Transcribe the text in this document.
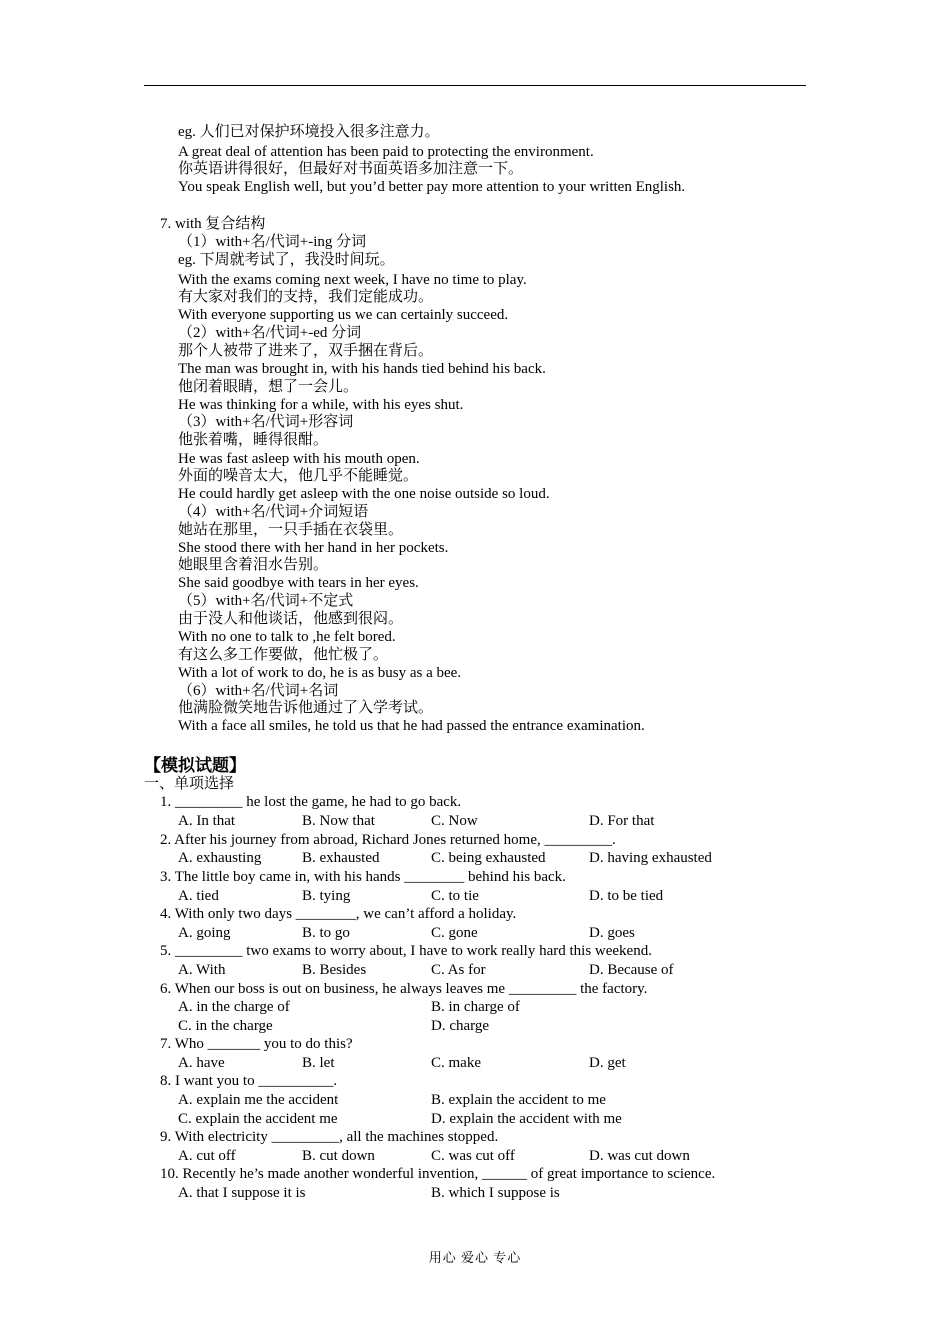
eg. 人们已对保护环境投入很多注意力。
A great deal of attention has been paid to protecting the environment.
你英语讲得很好，但最好对书面英语多加注意一下。
You speak English well, but you’d better pay more attention to your written English.
7. with 复合结构
（1）with+名/代词+-ing 分词
eg. 下周就考试了，我没时间玩。
With the exams coming next week, I have no time to play.
有大家对我们的支持，我们定能成功。
With everyone supporting us we can certainly succeed.
（2）with+名/代词+-ed 分词
那个人被带了进来了，双手捆在背后。
The man was brought in, with his hands tied behind his back.
他闭着眼睛，想了一会儿。
He was thinking for a while, with his eyes shut.
（3）with+名/代词+形容词
他张着嘴，睡得很酣。
He was fast asleep with his mouth open.
外面的噪音太大，他几乎不能睡觉。
He could hardly get asleep with the one noise outside so loud.
（4）with+名/代词+介词短语
她站在那里，一只手插在衣袋里。
She stood there with her hand in her pockets.
她眼里含着泪水告别。
She said goodbye with tears in her eyes.
（5）with+名/代词+不定式
由于没人和他谈话，他感到很闷。
With no one to talk to ,he felt bored.
有这么多工作要做，他忙极了。
With a lot of work to do, he is as busy as a bee.
（6）with+名/代词+名词
他满脸微笑地告诉他通过了入学考试。
With a face all smiles, he told us that he had passed the entrance examination.
【模拟试题】
一、单项选择
1. _________ he lost the game, he had to go back.
A. In that	B. Now that	C. Now	D. For that
2. After his journey from abroad, Richard Jones returned home, _________.
A. exhausting	B. exhausted	C. being exhausted	D. having exhausted
3. The little boy came in, with his hands ________ behind his back.
A. tied	B. tying	C. to tie	D. to be tied
4. With only two days ________, we can’t afford a holiday.
A. going	B. to go	C. gone	D. goes
5. _________ two exams to worry about, I have to work really hard this weekend.
A. With	B. Besides	C. As for	D. Because of
6. When our boss is out on business, he always leaves me _________ the factory.
A. in the charge of	B. in charge of
C. in the charge	D. charge
7. Who _______ you to do this?
A. have	B. let	C. make	D. get
8. I want you to __________.
A. explain me the accident	B. explain the accident to me
C. explain the accident me	D. explain the accident with me
9. With electricity _________, all the machines stopped.
A. cut off	B. cut down	C. was cut off	D. was cut down
10. Recently he’s made another wonderful invention, ______ of great importance to science.
A. that I suppose it is	B. which I suppose is
用心 爱心 专心
